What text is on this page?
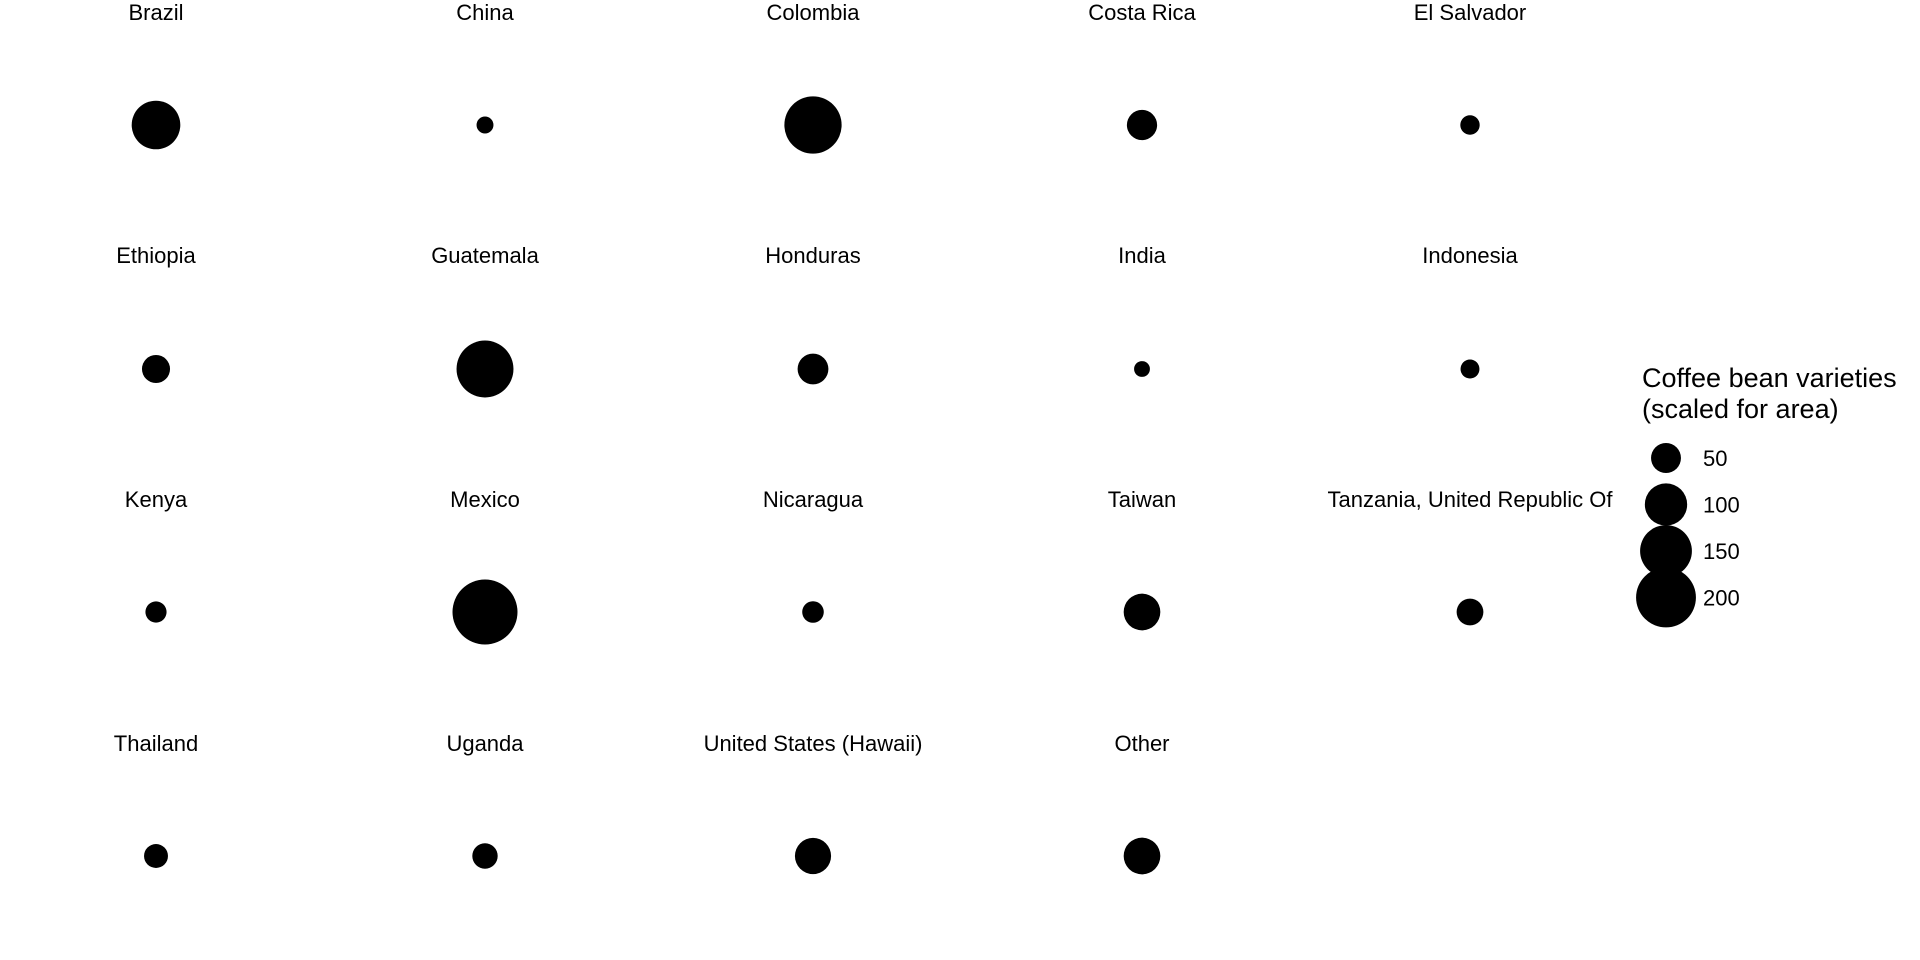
Brazil	China	Colombia	Costa Rica	El Salvador
Ethiopia	Guatemala	Honduras	India	Indonesia
Kenya	Mexico	Nicaragua	Taiwan	Tanzania, United Republic Of
Thailand	Uganda	United States (Hawaii)	Other
Coffee bean varieties
(scaled for area)
50
100
150
200
